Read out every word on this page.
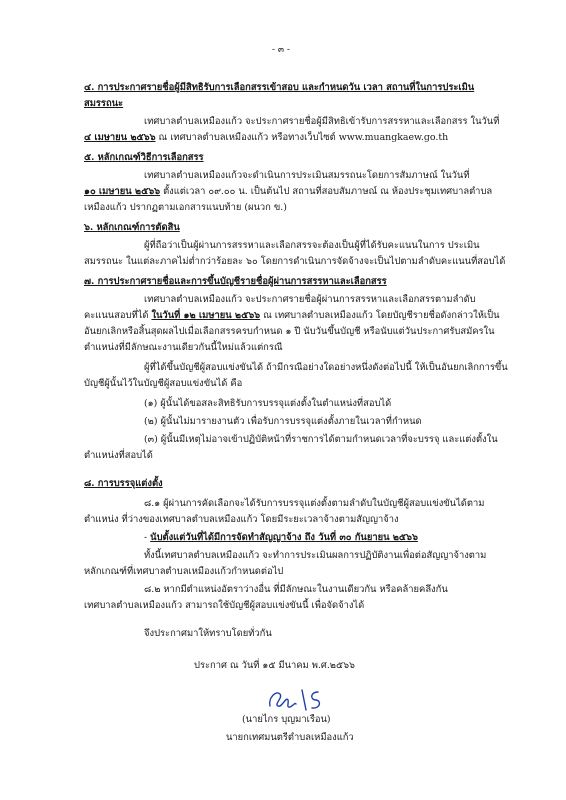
- ๓ -
๔. การประกาศรายชื่อผู้มีสิทธิรับการเลือกสรรเข้าสอบ และกำหนดวัน เวลา สถานที่ในการประเมิน
สมรรถนะ
เทศบาลตำบลเหมืองแก้ว จะประกาศรายชื่อผู้มีสิทธิเข้ารับการสรรหาและเลือกสรร ในวันที่
๔ เมษายน ๒๕๖๖ ณ เทศบาลตำบลเหมืองแก้ว หรือทางเว็บไซต์ www.muangkaew.go.th
๕. หลักเกณฑ์วิธีการเลือกสรร
เทศบาลตำบลเหมืองแก้วจะดำเนินการประเมินสมรรถนะโดยการสัมภาษณ์ ในวันที่
๑๐ เมษายน ๒๕๖๖ ตั้งแต่เวลา ๐๙.๐๐ น. เป็นต้นไป สถานที่สอบสัมภาษณ์ ณ ห้องประชุมเทศบาลตำบล
เหมืองแก้ว ปรากฏตามเอกสารแนบท้าย (ผนวก ข.)
๖. หลักเกณฑ์การตัดสิน
ผู้ที่ถือว่าเป็นผู้ผ่านการสรรหาและเลือกสรรจะต้องเป็นผู้ที่ได้รับคะแนนในการ ประเมิน
สมรรถนะ ในแต่ละภาคไม่ต่ำกว่าร้อยละ ๖๐ โดยการดำเนินการจัดจ้างจะเป็นไปตามลำดับคะแนนที่สอบได้
๗. การประกาศรายชื่อและการขึ้นบัญชีรายชื่อผู้ผ่านการสรรหาและเลือกสรร
เทศบาลตำบลเหมืองแก้ว จะประกาศรายชื่อผู้ผ่านการสรรหาและเลือกสรรตามลำดับ
คะแนนสอบที่ได้ ในวันที่ ๑๒ เมษายน ๒๕๖๖ ณ เทศบาลตำบลเหมืองแก้ว โดยบัญชีรายชื่อดังกล่าวให้เป็น
อันยกเลิกหรือสิ้นสุดผลไปเมื่อเลือกสรรครบกำหนด ๑ ปี นับวันขึ้นบัญชี หรือนับแต่วันประกาศรับสมัครใน
ตำแหน่งที่มีลักษณะงานเดียวกันนี้ใหม่แล้วแต่กรณี
ผู้ที่ได้ขึ้นบัญชีผู้สอบแข่งขันได้ ถ้ามีกรณีอย่างใดอย่างหนึ่งดังต่อไปนี้ ให้เป็นอันยกเลิกการขึ้น
บัญชีผู้นั้นไว้ในบัญชีผู้สอบแข่งขันได้ คือ
(๑) ผู้นั้นได้ขอสละสิทธิรับการบรรจุแต่งตั้งในตำแหน่งที่สอบได้
(๒) ผู้นั้นไม่มารายงานตัว เพื่อรับการบรรจุแต่งตั้งภายในเวลาที่กำหนด
(๓) ผู้นั้นมีเหตุไม่อาจเข้าปฏิบัติหน้าที่ราชการได้ตามกำหนดเวลาที่จะบรรจุ และแต่งตั้งใน
ตำแหน่งที่สอบได้
๘. การบรรจุแต่งตั้ง
๘.๑ ผู้ผ่านการคัดเลือกจะได้รับการบรรจุแต่งตั้งตามลำดับในบัญชีผู้สอบแข่งขันได้ตาม
ตำแหน่ง ที่ว่างของเทศบาลตำบลเหมืองแก้ว โดยมีระยะเวลาจ้างตามสัญญาจ้าง
- นับตั้งแต่วันที่ได้มีการจัดทำสัญญาจ้าง ถึง วันที่ ๓๐ กันยายน ๒๕๖๖
ทั้งนี้เทศบาลตำบลเหมืองแก้ว จะทำการประเมินผลการปฏิบัติงานเพื่อต่อสัญญาจ้างตาม
หลักเกณฑ์ที่เทศบาลตำบลเหมืองแก้วกำหนดต่อไป
๘.๒ หากมีตำแหน่งอัตราว่างอื่น ที่มีลักษณะในงานเดียวกัน หรือคล้ายคลึงกัน
เทศบาลตำบลเหมืองแก้ว สามารถใช้บัญชีผู้สอบแข่งขันนี้ เพื่อจัดจ้างได้
จึงประกาศมาให้ทราบโดยทั่วกัน
ประกาศ ณ วันที่ ๑๕ มีนาคม พ.ศ.๒๕๖๖
(นายไกร บุญมาเรือน)
นายกเทศมนตรีตำบลเหมืองแก้ว
